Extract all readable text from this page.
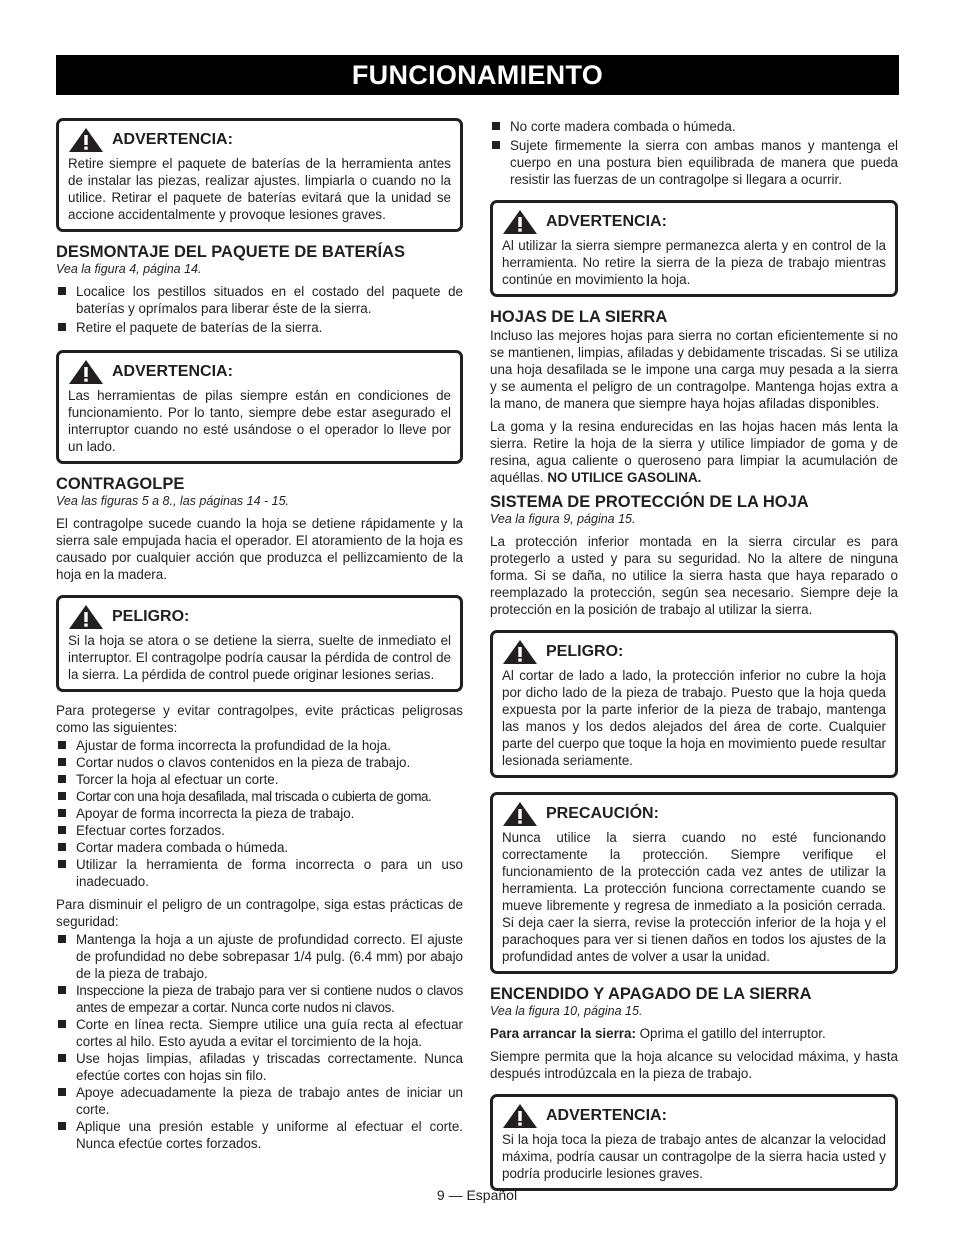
FUNCIONAMIENTO
ADVERTENCIA:

Retire siempre el paquete de baterías de la herramienta antes de instalar las piezas, realizar ajustes. limpiarla o cuando no la utilice. Retirar el paquete de baterías evitará que la unidad se accione accidentalmente y provoque lesiones graves.

DESMONTAJE DEL PAQUETE DE BATERÍAS

Vea la figura 4, página 14.

Localice los pestillos situados en el costado del paquete de baterías y oprímalos para liberar éste de la sierra.
Retire el paquete de baterías de la sierra.
ADVERTENCIA:

Las herramientas de pilas siempre están en condiciones de funcionamiento. Por lo tanto, siempre debe estar asegurado el interruptor cuando no esté usándose o el operador lo lleve por un lado.

CONTRAGOLPE

Vea las figuras 5 a 8., las páginas 14 - 15.

El contragolpe sucede cuando la hoja se detiene rápidamente y la sierra sale empujada hacia el operador. El atoramiento de la hoja es causado por cualquier acción que produzca el pellizcamiento de la hoja en la madera.

PELIGRO:

Si la hoja se atora o se detiene la sierra, suelte de inmediato el interruptor. El contragolpe podría causar la pérdida de control de la sierra. La pérdida de control puede originar lesiones serias.

Para protegerse y evitar contragolpes, evite prácticas peligrosas como las siguientes:

Ajustar de forma incorrecta la profundidad de la hoja.
Cortar nudos o clavos contenidos en la pieza de trabajo.
Torcer la hoja al efectuar un corte.
Cortar con una hoja desafilada, mal triscada o cubierta de goma.
Apoyar de forma incorrecta la pieza de trabajo.
Efectuar cortes forzados.
Cortar madera combada o húmeda.
Utilizar la herramienta de forma incorrecta o para un uso inadecuado.

Para disminuir el peligro de un contragolpe, siga estas prácticas de seguridad:

Mantenga la hoja a un ajuste de profundidad correcto. El ajuste de profundidad no debe sobrepasar 1/4 pulg. (6.4 mm) por abajo de la pieza de trabajo.
Inspeccione la pieza de trabajo para ver si contiene nudos o clavos antes de empezar a cortar. Nunca corte nudos ni clavos.
Corte en línea recta. Siempre utilice una guía recta al efectuar cortes al hilo. Esto ayuda a evitar el torcimiento de la hoja.
Use hojas limpias, afiladas y triscadas correctamente. Nunca efectúe cortes con hojas sin filo.
Apoye adecuadamente la pieza de trabajo antes de iniciar un corte.
Aplique una presión estable y uniforme al efectuar el corte. Nunca efectúe cortes forzados.
No corte madera combada o húmeda.
Sujete firmemente la sierra con ambas manos y mantenga el cuerpo en una postura bien equilibrada de manera que pueda resistir las fuerzas de un contragolpe si llegara a ocurrir.
ADVERTENCIA:

Al utilizar la sierra siempre permanezca alerta y en control de la herramienta. No retire la sierra de la pieza de trabajo mientras continúe en movimiento la hoja.

HOJAS DE LA SIERRA

Incluso las mejores hojas para sierra no cortan eficientemente si no se mantienen, limpias, afiladas y debidamente triscadas. Si se utiliza una hoja desafilada se le impone una carga muy pesada a la sierra y se aumenta el peligro de un contragolpe. Mantenga hojas extra a la mano, de manera que siempre haya hojas afiladas disponibles.

La goma y la resina endurecidas en las hojas hacen más lenta la sierra. Retire la hoja de la sierra y utilice limpiador de goma y de resina, agua caliente o queroseno para limpiar la acumulación de aquéllas. NO UTILICE GASOLINA.

SISTEMA DE PROTECCIÓN DE LA HOJA

Vea la figura 9, página 15.

La protección inferior montada en la sierra circular es para protegerlo a usted y para su seguridad. No la altere de ninguna forma. Si se daña, no utilice la sierra hasta que haya reparado o reemplazado la protección, según sea necesario. Siempre deje la protección en la posición de trabajo al utilizar la sierra.

PELIGRO:

Al cortar de lado a lado, la protección inferior no cubre la hoja por dicho lado de la pieza de trabajo. Puesto que la hoja queda expuesta por la parte inferior de la pieza de trabajo, mantenga las manos y los dedos alejados del área de corte. Cualquier parte del cuerpo que toque la hoja en movimiento puede resultar lesionada seriamente.

PRECAUCIÓN:

Nunca utilice la sierra cuando no esté funcionando correctamente la protección. Siempre verifique el funcionamiento de la protección cada vez antes de utilizar la herramienta. La protección funciona correctamente cuando se mueve libremente y regresa de inmediato a la posición cerrada. Si deja caer la sierra, revise la protección inferior de la hoja y el parachoques para ver si tienen daños en todos los ajustes de la profundidad antes de volver a usar la unidad.

ENCENDIDO Y APAGADO DE LA SIERRA

Vea la figura 10, página 15.

Para arrancar la sierra: Oprima el gatillo del interruptor.

Siempre permita que la hoja alcance su velocidad máxima, y hasta después introdúzcala en la pieza de trabajo.

ADVERTENCIA:

Si la hoja toca la pieza de trabajo antes de alcanzar la velocidad máxima, podría causar un contragolpe de la sierra hacia usted y podría producirle lesiones graves.

9 — Español
